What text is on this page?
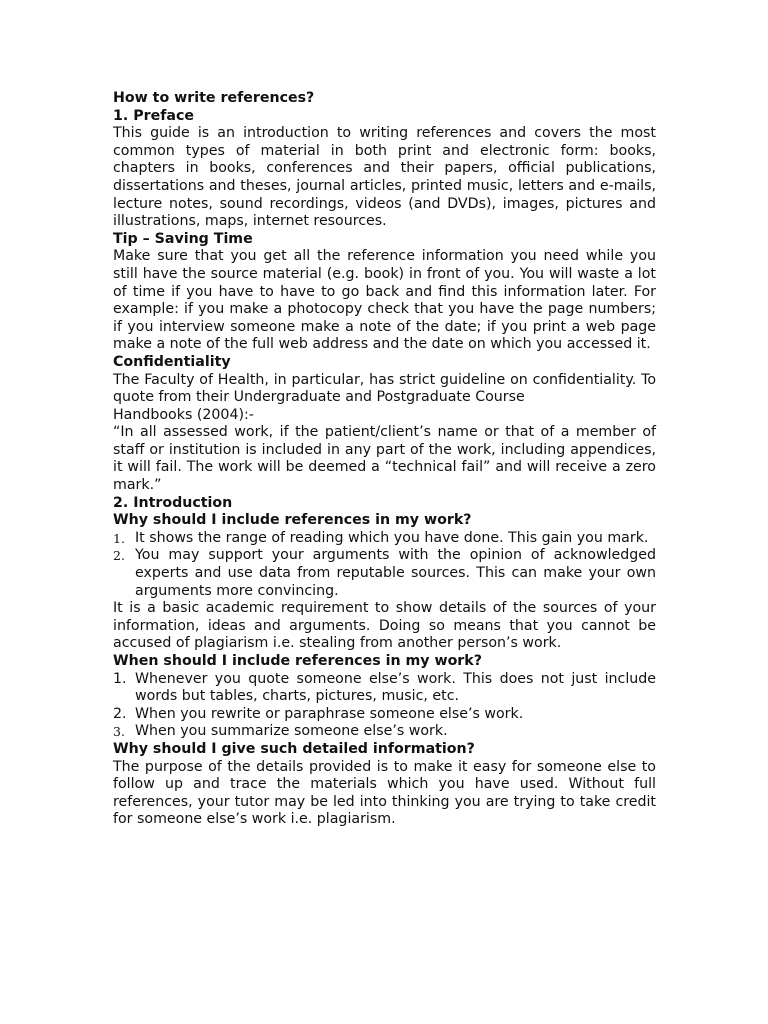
How to write references?
1. Preface

This guide is an introduction to writing references and covers the most common types of material in both print and electronic form: books, chapters in books, conferences and their papers, official publications, dissertations and theses, journal articles, printed music, letters and e-mails, lecture notes, sound recordings, videos (and DVDs), images, pictures and illustrations, maps, internet resources.

Tip – Saving Time

Make sure that you get all the reference information you need while you still have the source material (e.g. book) in front of you. You will waste a lot of time if you have to have to go back and find this information later. For example: if you make a photocopy check that you have the page numbers; if you interview someone make a note of the date; if you print a web page make a note of the full web address and the date on which you accessed it.

Confidentiality

The Faculty of Health, in particular, has strict guideline on confidentiality. To quote from their Undergraduate and Postgraduate Course

Handbooks (2004):-

“In all assessed work, if the patient/client’s name or that of a member of staff or institution is included in any part of the work, including appendices, it will fail. The work will be deemed a “technical fail” and will receive a zero mark.”

2. Introduction
Why should I include references in my work?
1. It shows the range of reading which you have done. This gain you mark.
2. You may support your arguments with the opinion of acknowledged experts and use data from reputable sources. This can make your own arguments more convincing.

It is a basic academic requirement to show details of the sources of your information, ideas and arguments. Doing so means that you cannot be accused of plagiarism i.e. stealing from another person’s work.

When should I include references in my work?
1. Whenever you quote someone else’s work. This does not just include words but tables, charts, pictures, music, etc.
2. When you rewrite or paraphrase someone else’s work.
3. When you summarize someone else’s work.
Why should I give such detailed information?

The purpose of the details provided is to make it easy for someone else to follow up and trace the materials which you have used. Without full references, your tutor may be led into thinking you are trying to take credit for someone else’s work i.e. plagiarism.
